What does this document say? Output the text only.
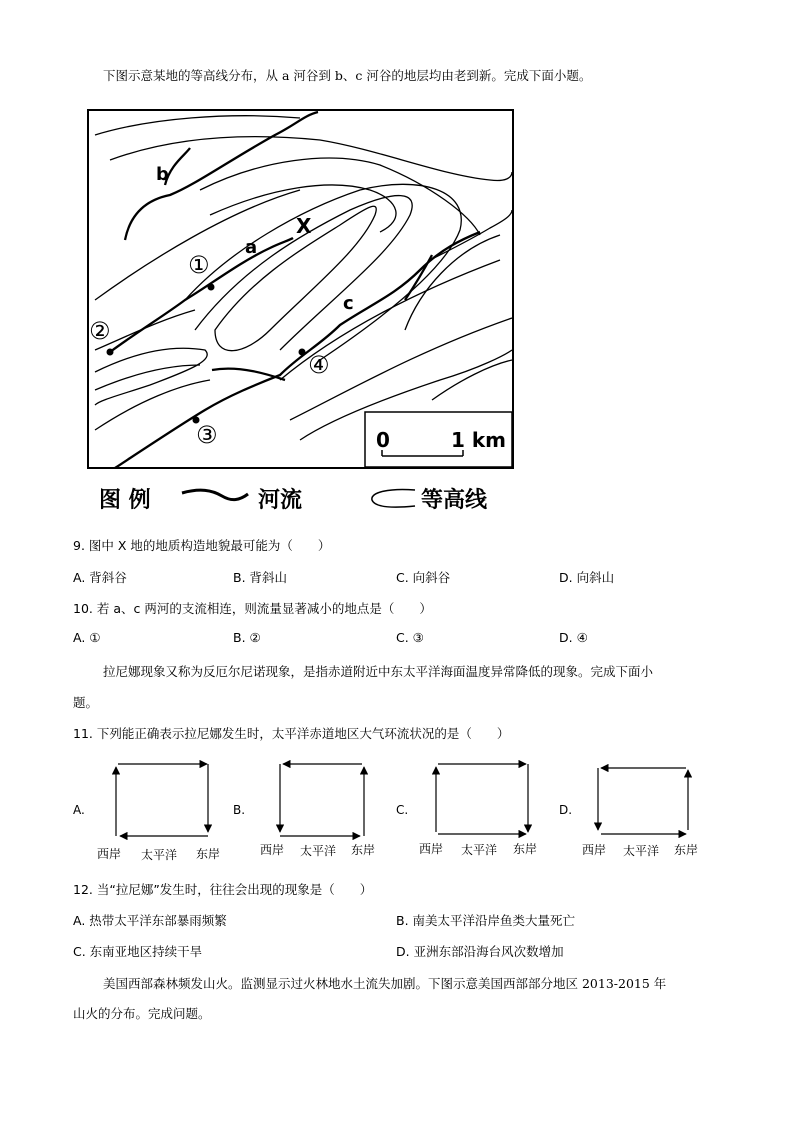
下图示意某地的等高线分布，从 a 河谷到 b、c 河谷的地层均由老到新。完成下面小题。
b
X
a
c
①
②
③
④
0	1 km
图 例	河流	等高线
9. 图中 X 地的地质构造地貌最可能为（　　）
A. 背斜谷	B. 背斜山	C. 向斜谷	D. 向斜山
10. 若 a、c 两河的支流相连，则流量显著减小的地点是（　　）
A. ①	B. ②	C. ③	D. ④
拉尼娜现象又称为反厄尔尼诺现象，是指赤道附近中东太平洋海面温度异常降低的现象。完成下面小
题。
11. 下列能正确表示拉尼娜发生时，太平洋赤道地区大气环流状况的是（　　）
A.	B.	C.	D.
西岸 太平洋 东岸	西岸 太平洋 东岸	西岸 太平洋 东岸	西岸 太平洋 东岸
12. 当“拉尼娜”发生时，往往会出现的现象是（　　）
A. 热带太平洋东部暴雨频繁	B. 南美太平洋沿岸鱼类大量死亡
C. 东南亚地区持续干旱	D. 亚洲东部沿海台风次数增加
美国西部森林频发山火。监测显示过火林地水土流失加剧。下图示意美国西部部分地区 2013-2015 年
山火的分布。完成问题。
